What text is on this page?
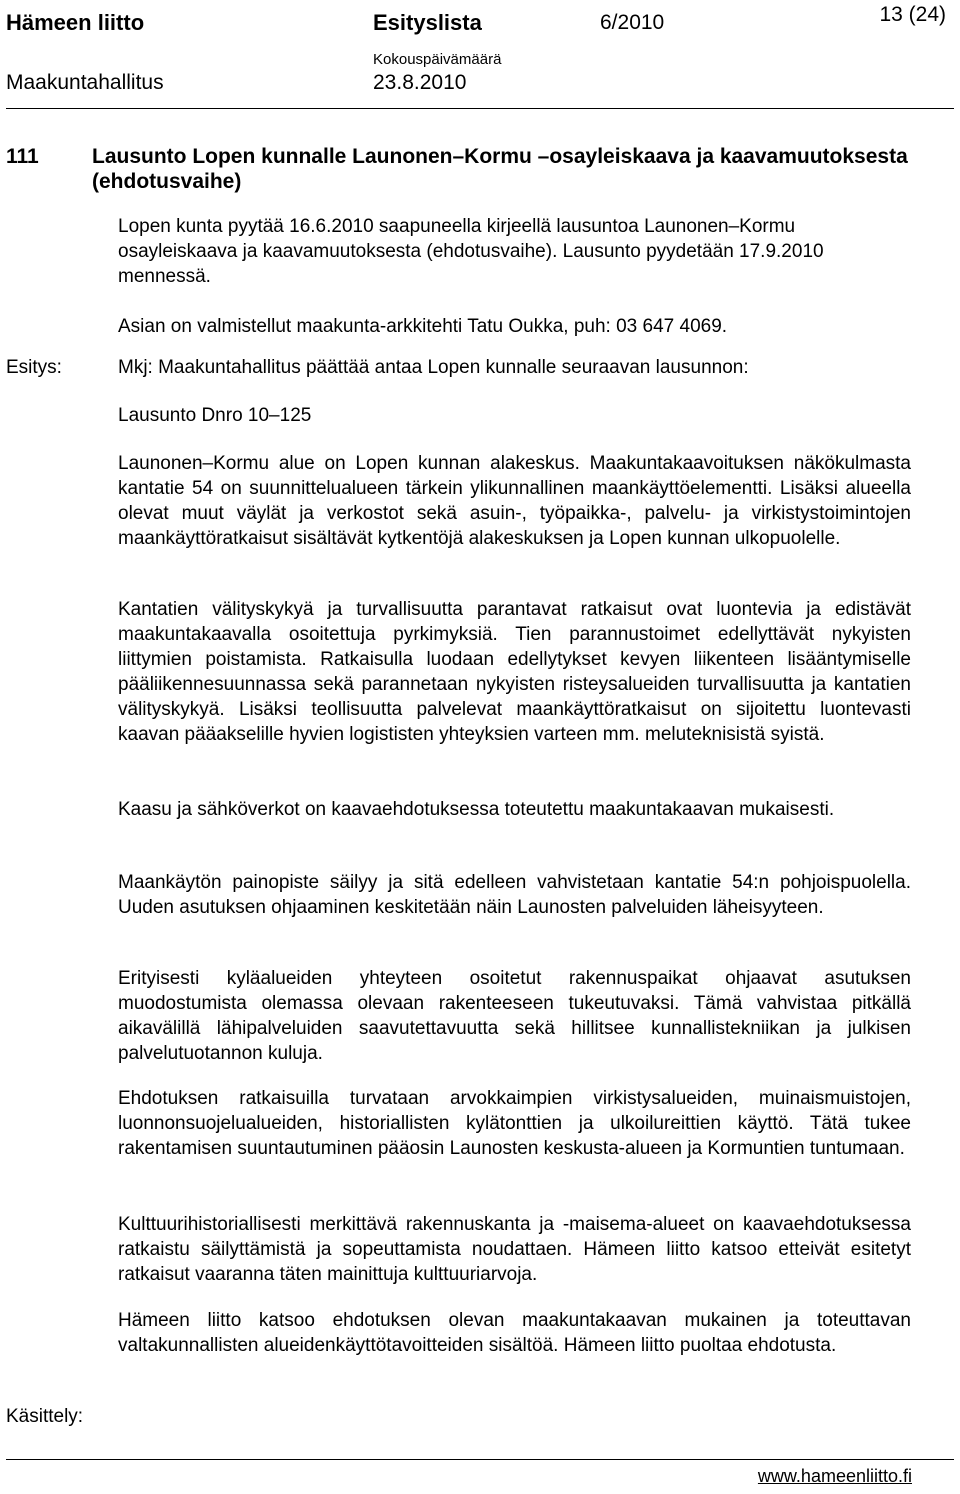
Hämeen liitto	Esityslista	6/2010	13 (24)
Maakuntahallitus
Kokouspäivämäärä
23.8.2010
111	Lausunto Lopen kunnalle Launonen–Kormu –osayleiskaava ja kaavamuutoksesta (ehdotusvaihe)

Lopen kunta pyytää 16.6.2010 saapuneella kirjeellä lausuntoa Launonen–Kormu osayleiskaava ja kaavamuutoksesta (ehdotusvaihe). Lausunto pyydetään 17.9.2010 mennessä.

Asian on valmistellut maakunta-arkkitehti Tatu Oukka, puh: 03 647 4069.

Esitys:	Mkj: Maakuntahallitus päättää antaa Lopen kunnalle seuraavan lausunnon:

Lausunto Dnro 10–125

Launonen–Kormu alue on Lopen kunnan alakeskus. Maakuntakaavoituksen näkökulmasta kantatie 54 on suunnittelualueen tärkein ylikunnallinen maankäyttöelementti. Lisäksi alueella olevat muut väylät ja verkostot sekä asuin-, työpaikka-, palvelu- ja virkistystoimintojen maankäyttöratkaisut sisältävät kytkentöjä alakeskuksen ja Lopen kunnan ulkopuolelle.

Kantatien välityskykyä ja turvallisuutta parantavat ratkaisut ovat luontevia ja edistävät maakuntakaavalla osoitettuja pyrkimyksiä. Tien parannustoimet edellyttävät nykyisten liittymien poistamista. Ratkaisulla luodaan edellytykset kevyen liikenteen lisääntymiselle pääliikennesuunnassa sekä parannetaan nykyisten risteysalueiden turvallisuutta ja kantatien välityskykyä. Lisäksi teollisuutta palvelevat maankäyttöratkaisut on sijoitettu luontevasti kaavan pääakselille hyvien logististen yhteyksien varteen mm. meluteknisistä syistä.

Kaasu ja sähköverkot on kaavaehdotuksessa toteutettu maakuntakaavan mukaisesti.

Maankäytön painopiste säilyy ja sitä edelleen vahvistetaan kantatie 54:n pohjoispuolella. Uuden asutuksen ohjaaminen keskitetään näin Launosten palveluiden läheisyyteen.

Erityisesti kyläalueiden yhteyteen osoitetut rakennuspaikat ohjaavat asutuksen muodostumista olemassa olevaan rakenteeseen tukeutuvaksi. Tämä vahvistaa pitkällä aikavälillä lähipalveluiden saavutettavuutta sekä hillitsee kunnallistekniikan ja julkisen palvelutuotannon kuluja.

Ehdotuksen ratkaisuilla turvataan arvokkaimpien virkistysalueiden, muinaismuistojen, luonnonsuojelualueiden, historiallisten kylätonttien ja ulkoilureittien käyttö. Tätä tukee rakentamisen suuntautuminen pääosin Launosten keskusta-alueen ja Kormuntien tuntumaan.

Kulttuurihistoriallisesti merkittävä rakennuskanta ja -maisema-alueet on kaavaehdotuksessa ratkaistu säilyttämistä ja sopeuttamista noudattaen. Hämeen liitto katsoo etteivät esitetyt ratkaisut vaaranna täten mainittuja kulttuuriarvoja.

Hämeen liitto katsoo ehdotuksen olevan maakuntakaavan mukainen ja toteuttavan valtakunnallisten alueidenkäyttötavoitteiden sisältöä. Hämeen liitto puoltaa ehdotusta.

Käsittely:
www.hameenliitto.fi
